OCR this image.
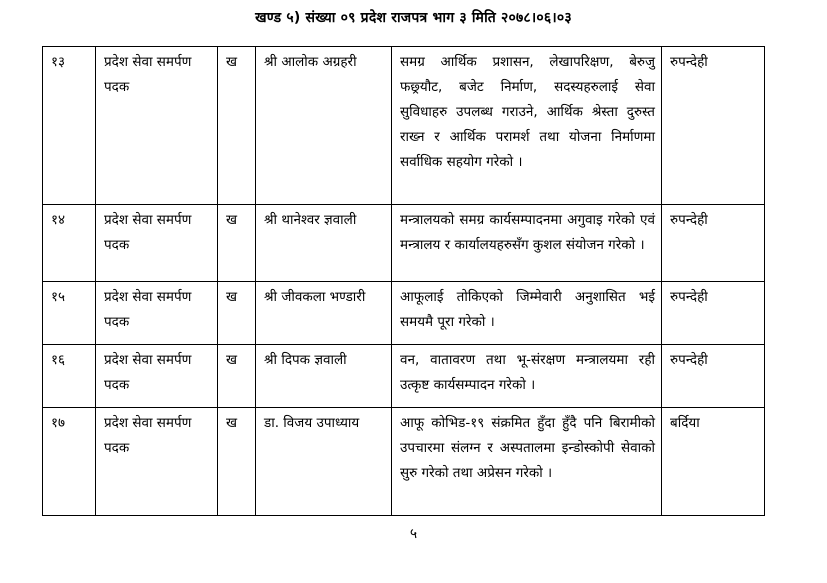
खण्ड ५) संख्या ०९ प्रदेश राजपत्र भाग ३ मिति २०७८।०६।०३
१३	प्रदेश सेवा समर्पण पदक	ख	श्री आलोक अग्रहरी	समग्र आर्थिक प्रशासन, लेखापरिक्षण, बेरुजु फछ्र्यौट, बजेट निर्माण, सदस्यहरुलाई सेवा सुविधाहरु उपलब्ध गराउने, आर्थिक श्रेस्ता दुरुस्त राख्न र आर्थिक परामर्श तथा योजना निर्माणमा सर्वाधिक सहयोग गरेको ।	रुपन्देही
१४	प्रदेश सेवा समर्पण पदक	ख	श्री थानेश्वर ज्ञवाली	मन्त्रालयको समग्र कार्यसम्पादनमा अगुवाइ गरेको एवं मन्त्रालय र कार्यालयहरुसँग कुशल संयोजन गरेको ।	रुपन्देही
१५	प्रदेश सेवा समर्पण पदक	ख	श्री जीवकला भण्डारी	आफूलाई तोकिएको जिम्मेवारी अनुशासित भई समयमै पूरा गरेको ।	रुपन्देही
१६	प्रदेश सेवा समर्पण पदक	ख	श्री दिपक ज्ञवाली	वन, वातावरण तथा भू-संरक्षण मन्त्रालयमा रही उत्कृष्ट कार्यसम्पादन गरेको ।	रुपन्देही
१७	प्रदेश सेवा समर्पण पदक	ख	डा. विजय उपाध्याय	आफू कोभिड-१९ संक्रमित हुँदा हुँदै पनि बिरामीको उपचारमा संलग्न र अस्पतालमा इन्डोस्कोपी सेवाको सुरु गरेको तथा अप्रेसन गरेको ।	बर्दिया
५
